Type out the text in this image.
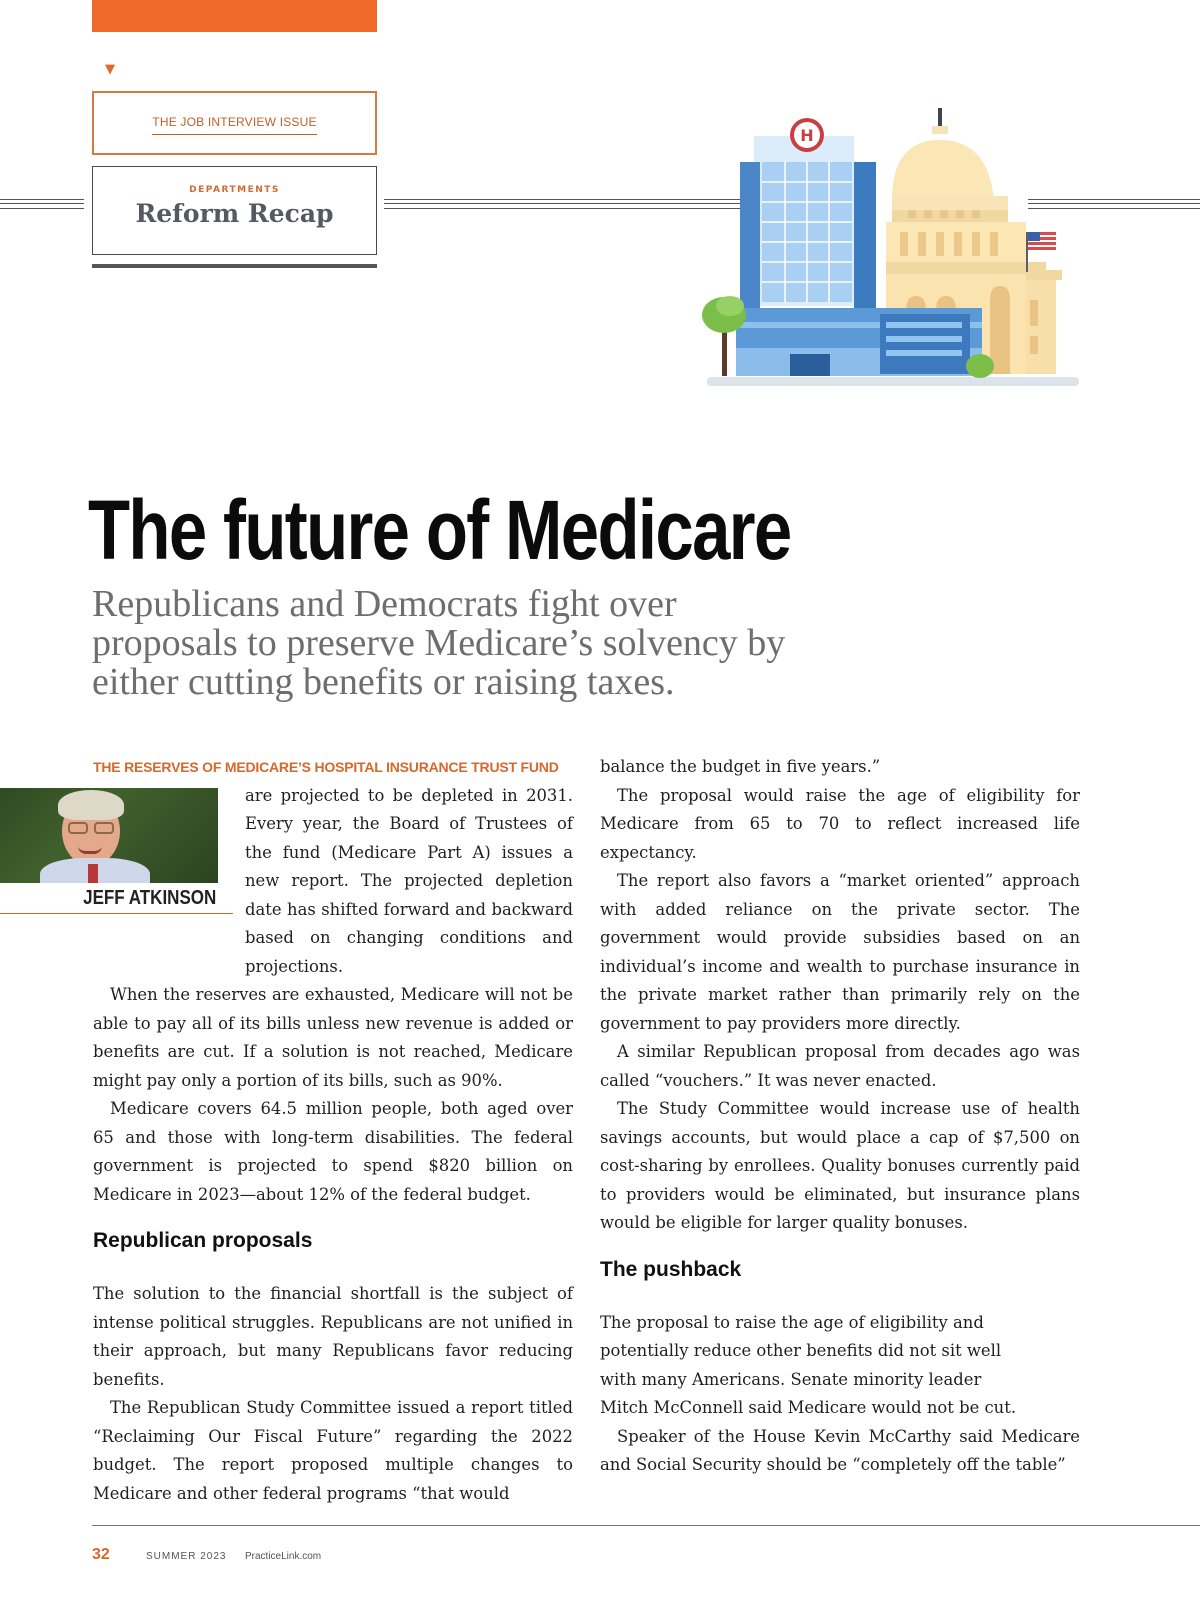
▼
THE JOB INTERVIEW ISSUE
DEPARTMENTS
Reform Recap
H
The future of Medicare
Republicans and Democrats fight over proposals to preserve Medicare’s solvency by either cutting benefits or raising taxes.

THE RESERVES OF MEDICARE’S HOSPITAL INSURANCE TRUST FUND

JEFF ATKINSON
are projected to be depleted in 2031. Every year, the Board of Trustees of the fund (Medicare Part A) issues a new report. The projected depletion date has shifted forward and backward based on changing conditions and projections.

When the reserves are exhausted, Medicare will not be able to pay all of its bills unless new revenue is added or benefits are cut. If a solution is not reached, Medicare might pay only a portion of its bills, such as 90%.

Medicare covers 64.5 million people, both aged over 65 and those with long-term disabilities. The federal government is projected to spend $820 billion on Medicare in 2023—about 12% of the federal budget.

Republican proposals

The solution to the financial shortfall is the subject of intense political struggles. Republicans are not unified in their approach, but many Republicans favor reducing benefits.

The Republican Study Committee issued a report titled “Reclaiming Our Fiscal Future” regarding the 2022 budget. The report proposed multiple changes to Medicare and other federal programs “that would

balance the budget in five years.”

The proposal would raise the age of eligibility for Medicare from 65 to 70 to reflect increased life expectancy.

The report also favors a “market oriented” approach with added reliance on the private sector. The government would provide subsidies based on an individual’s income and wealth to purchase insurance in the private market rather than primarily rely on the government to pay providers more directly.

A similar Republican proposal from decades ago was called “vouchers.” It was never enacted.

The Study Committee would increase use of health savings accounts, but would place a cap of $7,500 on cost-sharing by enrollees. Quality bonuses currently paid to providers would be eliminated, but insurance plans would be eligible for larger quality bonuses.

The pushback

The proposal to raise the age of eligibility and
potentially reduce other benefits did not sit well
with many Americans. Senate minority leader
Mitch McConnell said Medicare would not be cut.

Speaker of the House Kevin McCarthy said Medicare and Social Security should be “completely off the table”

32	SUMMER 2023 PracticeLink.com
